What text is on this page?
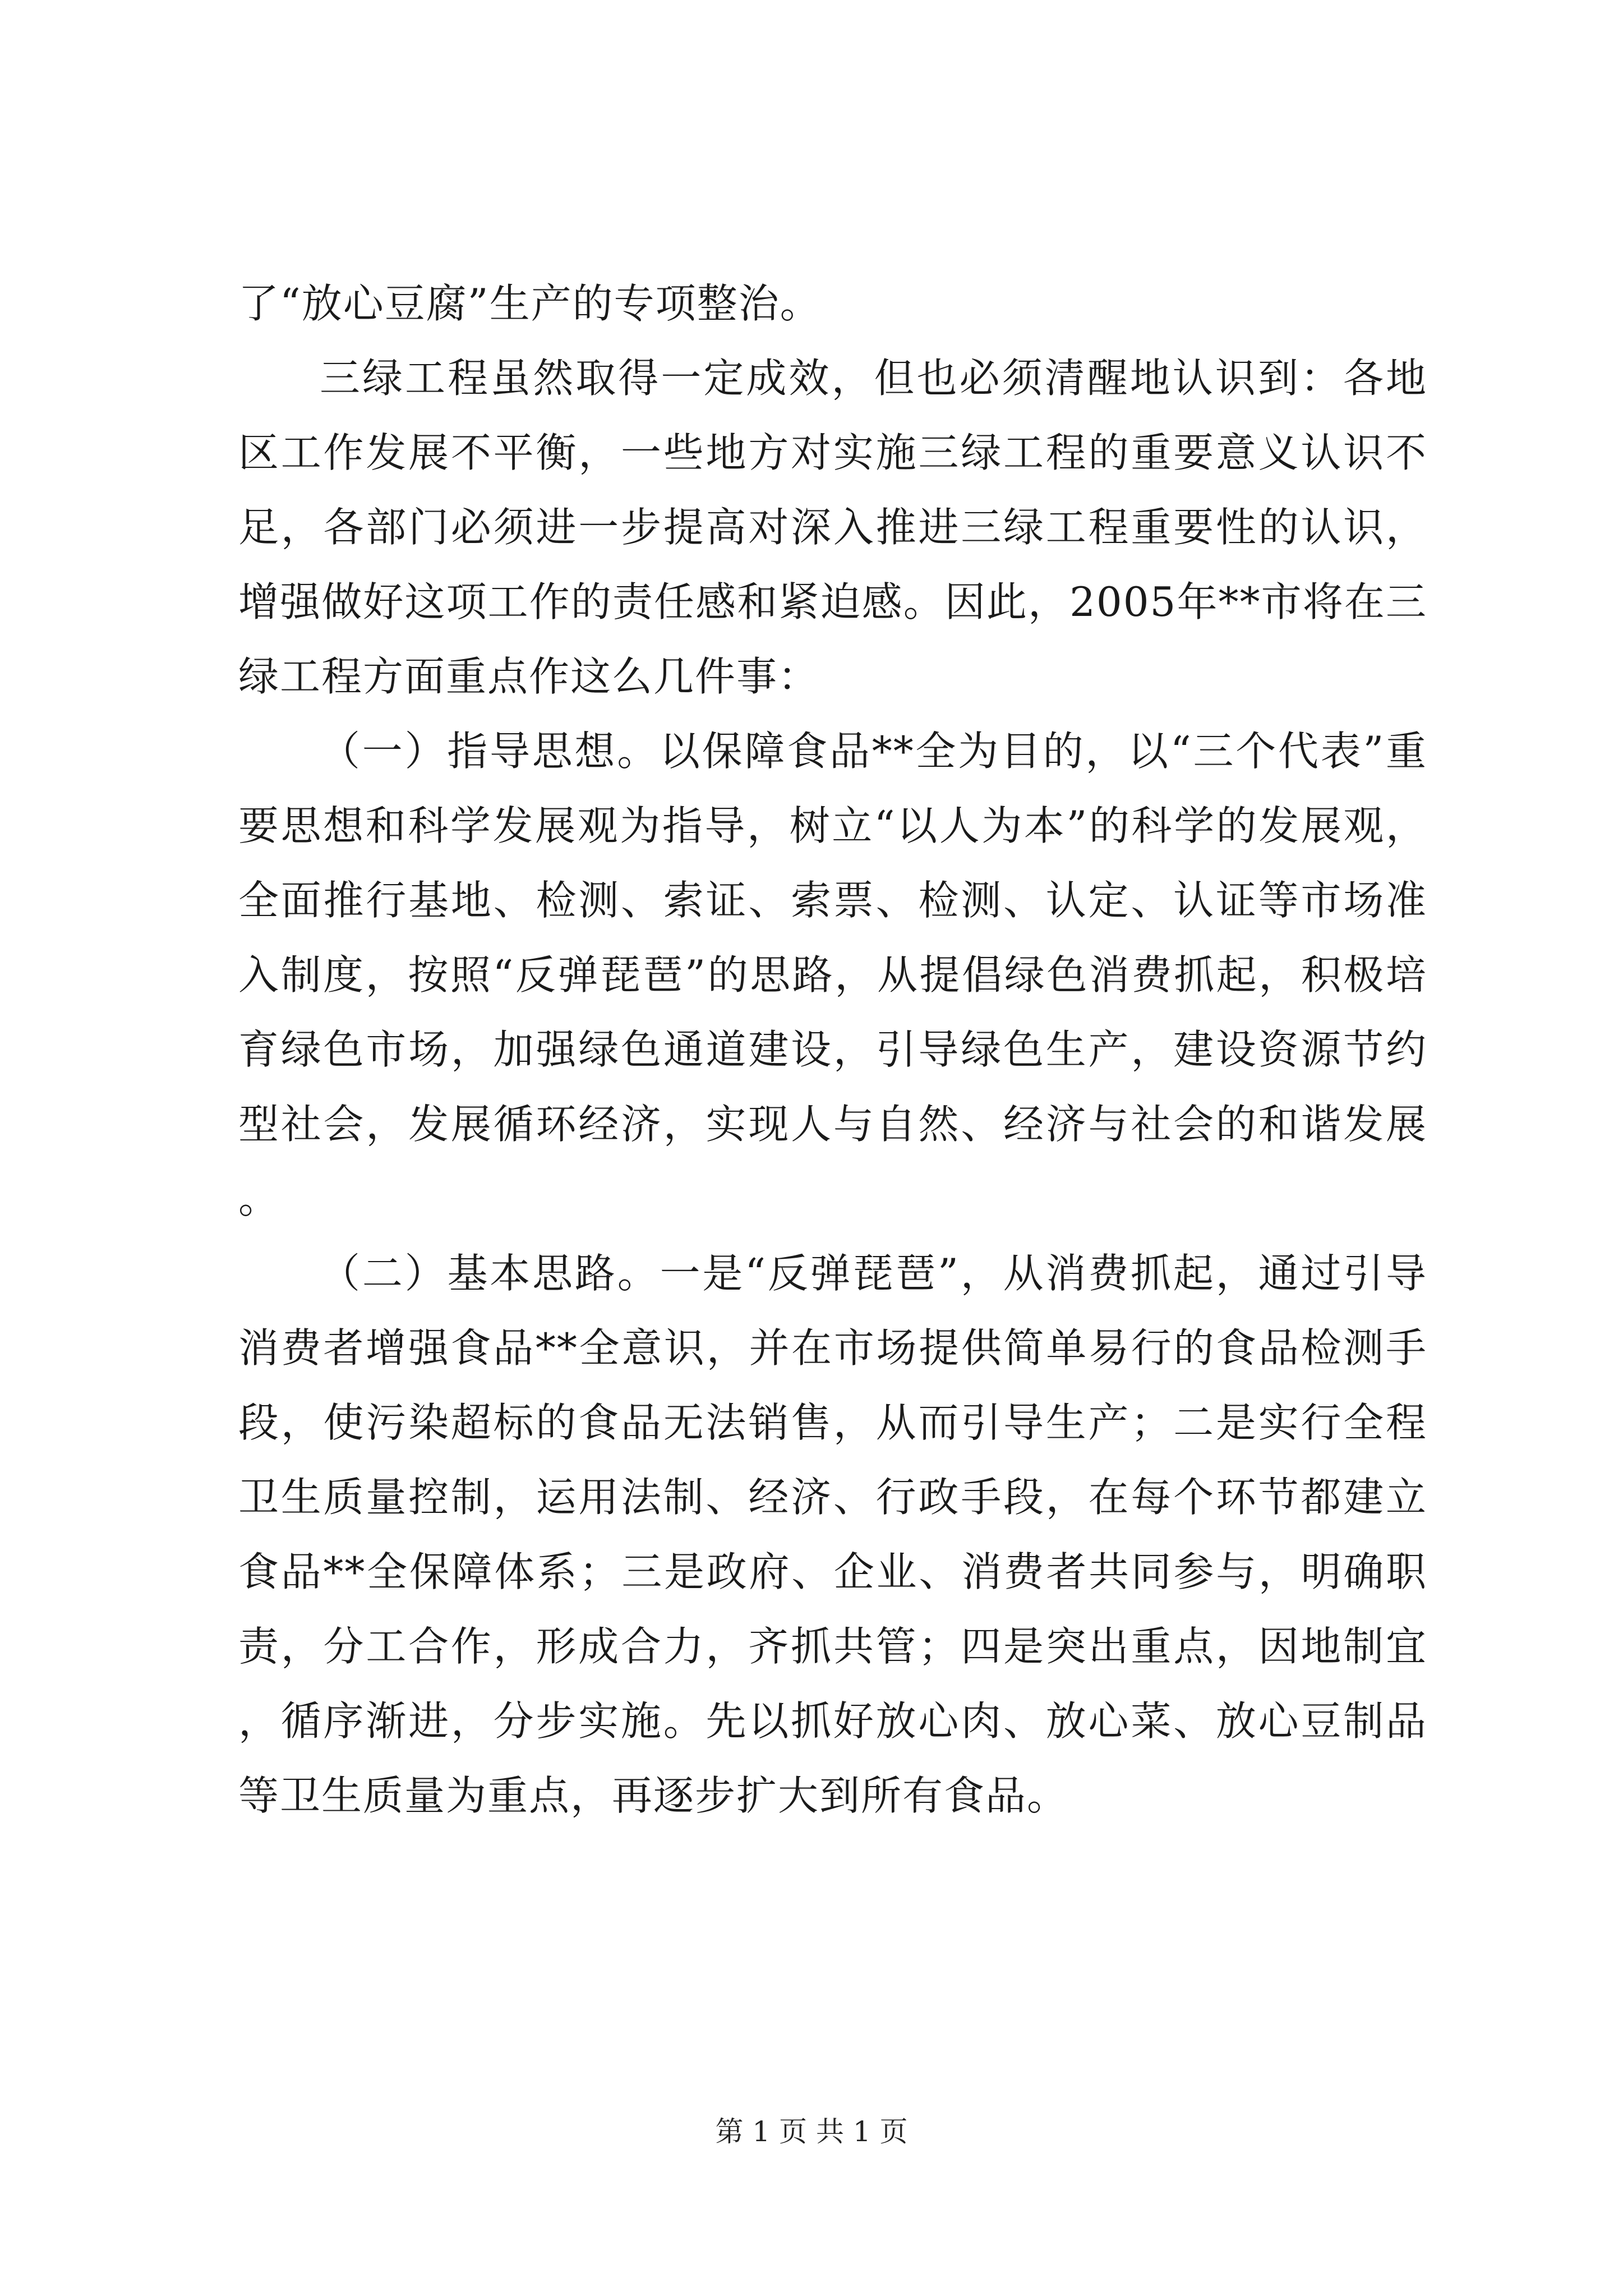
了“放心豆腐”生产的专项整治。

三绿工程虽然取得一定成效，但也必须清醒地认识到：各地区工作发展不平衡，一些地方对实施三绿工程的重要意义认识不足，各部门必须进一步提高对深入推进三绿工程重要性的认识，增强做好这项工作的责任感和紧迫感。因此，2005年**市将在三绿工程方面重点作这么几件事：

（一）指导思想。以保障食品**全为目的，以“三个代表”重要思想和科学发展观为指导，树立“以人为本”的科学的发展观，全面推行基地、检测、索证、索票、检测、认定、认证等市场准入制度，按照“反弹琵琶”的思路，从提倡绿色消费抓起，积极培育绿色市场，加强绿色通道建设，引导绿色生产，建设资源节约型社会，发展循环经济，实现人与自然、经济与社会的和谐发展。

（二）基本思路。一是“反弹琵琶”，从消费抓起，通过引导消费者增强食品**全意识，并在市场提供简单易行的食品检测手段，使污染超标的食品无法销售，从而引导生产；二是实行全程卫生质量控制，运用法制、经济、行政手段，在每个环节都建立食品**全保障体系；三是政府、企业、消费者共同参与，明确职责，分工合作，形成合力，齐抓共管；四是突出重点，因地制宜，循序渐进，分步实施。先以抓好放心肉、放心菜、放心豆制品等卫生质量为重点，再逐步扩大到所有食品。

第 1 页 共 1 页
